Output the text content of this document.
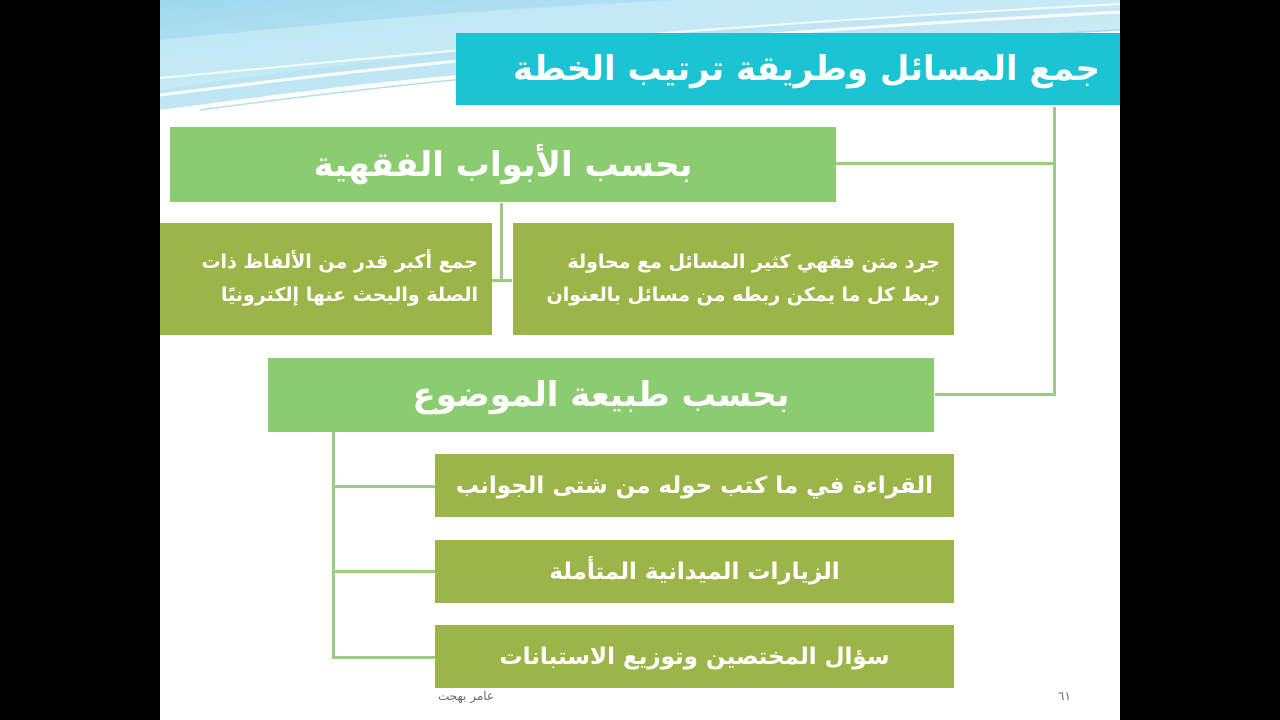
جمع المسائل وطريقة ترتيب الخطة
بحسب الأبواب الفقهية
جرد متن فقهي كثير المسائل مع محاولة
ربط كل ما يمكن ربطه من مسائل بالعنوان
جمع أكبر قدر من الألفاظ ذات
الصلة والبحث عنها إلكترونيًا
بحسب طبيعة الموضوع
القراءة في ما كتب حوله من شتى الجوانب
الزيارات الميدانية المتأملة
سؤال المختصين وتوزيع الاستبانات
عامر بهجت	٦١
